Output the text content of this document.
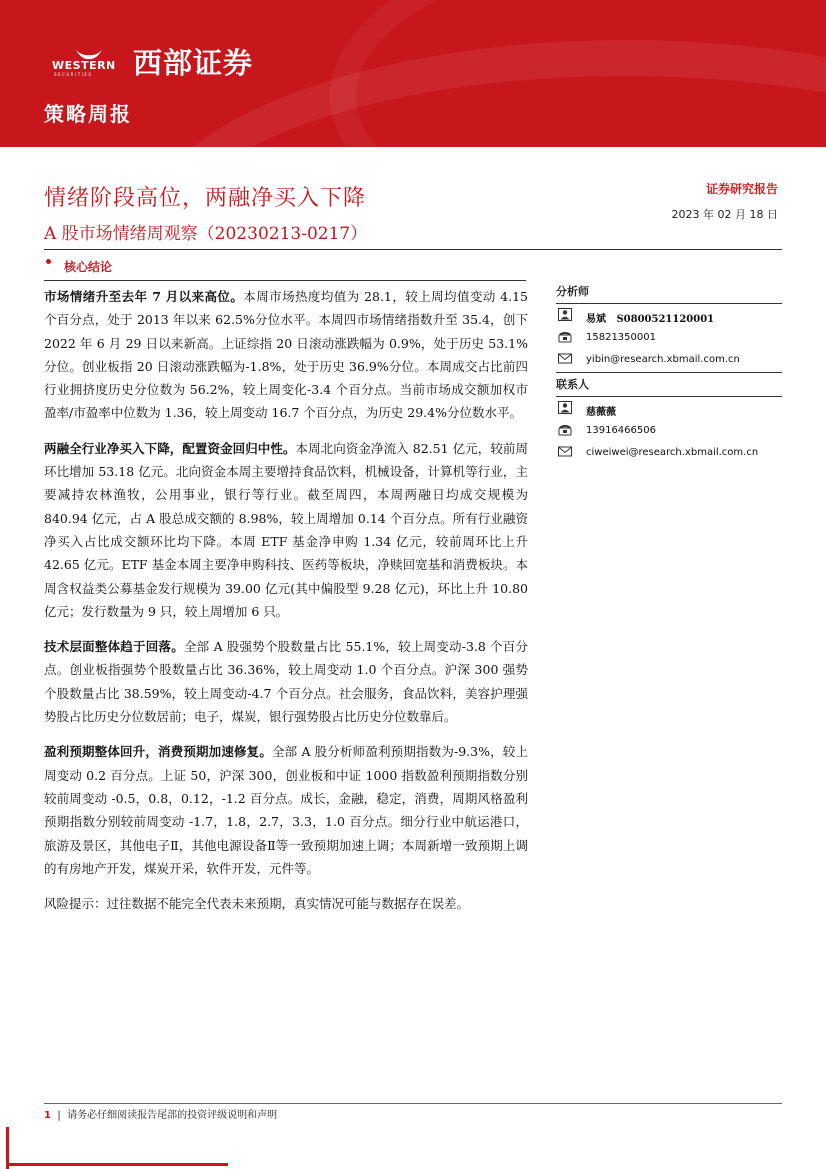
WESTERN
SECURITIES 西部证券
策略周报
情绪阶段高位，两融净买入下降
A 股市场情绪周观察（20230213-0217）
证券研究报告
2023 年 02 月 18 日
核心结论

市场情绪升至去年 7 月以来高位。本周市场热度均值为 28.1，较上周均值变动 4.15 个百分点，处于 2013 年以来 62.5%分位水平。本周四市场情绪指数升至 35.4，创下 2022 年 6 月 29 日以来新高。上证综指 20 日滚动涨跌幅为 0.9%，处于历史 53.1%分位。创业板指 20 日滚动涨跌幅为-1.8%，处于历史 36.9%分位。本周成交占比前四行业拥挤度历史分位数为 56.2%，较上周变化-3.4 个百分点。当前市场成交额加权市盈率/市盈率中位数为 1.36，较上周变动 16.7 个百分点，为历史 29.4%分位数水平。

两融全行业净买入下降，配置资金回归中性。本周北向资金净流入 82.51 亿元，较前周环比增加 53.18 亿元。北向资金本周主要增持食品饮料，机械设备，计算机等行业，主要减持农林渔牧，公用事业，银行等行业。截至周四，本周两融日均成交规模为 840.94 亿元，占 A 股总成交额的 8.98%，较上周增加 0.14 个百分点。所有行业融资净买入占比成交额环比均下降。本周 ETF 基金净申购 1.34 亿元，较前周环比上升 42.65 亿元。ETF 基金本周主要净申购科技、医药等板块，净赎回宽基和消费板块。本周含权益类公募基金发行规模为 39.00 亿元(其中偏股型 9.28 亿元)，环比上升 10.80 亿元；发行数量为 9 只，较上周增加 6 只。

技术层面整体趋于回落。全部 A 股强势个股数量占比 55.1%，较上周变动-3.8 个百分点。创业板指强势个股数量占比 36.36%，较上周变动 1.0 个百分点。沪深 300 强势个股数量占比 38.59%，较上周变动-4.7 个百分点。社会服务，食品饮料，美容护理强势股占比历史分位数居前；电子，煤炭，银行强势股占比历史分位数靠后。

盈利预期整体回升，消费预期加速修复。全部 A 股分析师盈利预期指数为-9.3%，较上周变动 0.2 百分点。上证 50，沪深 300，创业板和中证 1000 指数盈利预期指数分别较前周变动 -0.5，0.8，0.12，-1.2 百分点。成长，金融，稳定，消费，周期风格盈利预期指数分别较前周变动 -1.7，1.8，2.7，3.3，1.0 百分点。细分行业中航运港口，旅游及景区，其他电子Ⅱ，其他电源设备Ⅱ等一致预期加速上调；本周新增一致预期上调的有房地产开发，煤炭开采，软件开发，元件等。

风险提示：过往数据不能完全代表未来预期，真实情况可能与数据存在误差。

分析师
易斌 S0800521120001
15821350001
yibin@research.xbmail.com.cn
联系人
慈薇薇
13916466506
ciweiwei@research.xbmail.com.cn
1  |  请务必仔细阅读报告尾部的投资评级说明和声明
